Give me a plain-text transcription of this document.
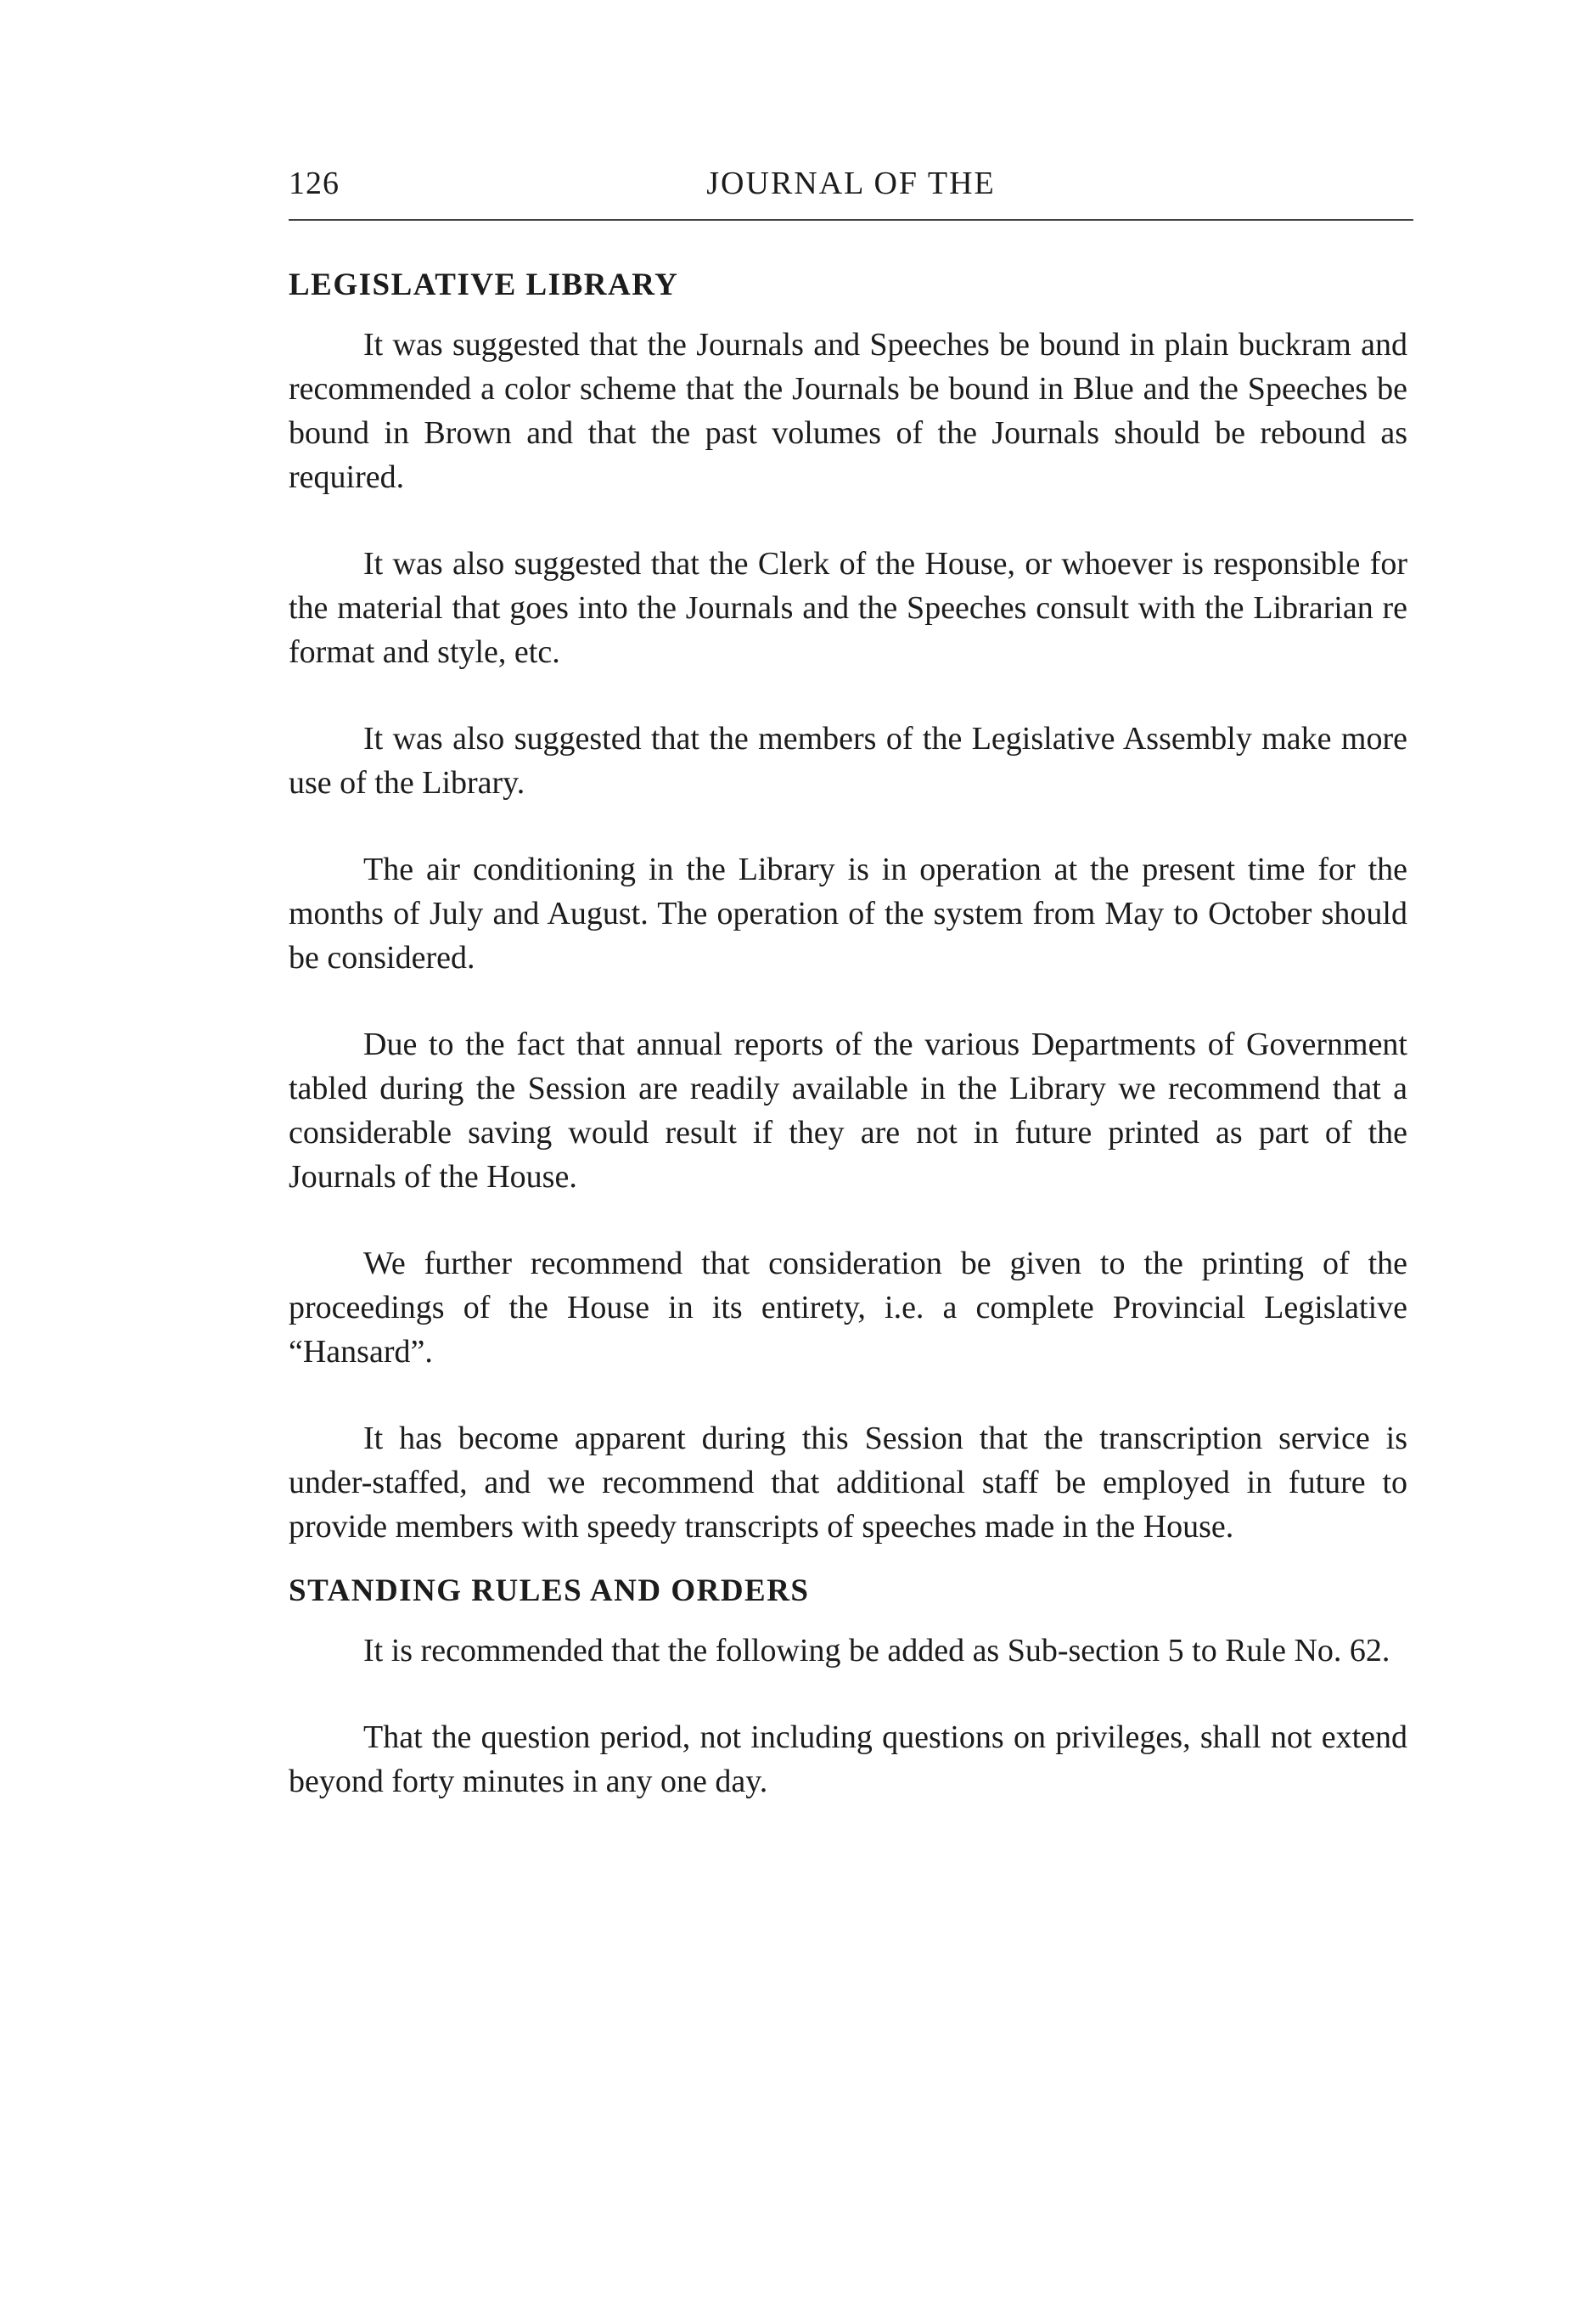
126	JOURNAL OF THE
LEGISLATIVE LIBRARY

It was suggested that the Journals and Speeches be bound in plain buckram and recommended a color scheme that the Journals be bound in Blue and the Speeches be bound in Brown and that the past volumes of the Journals should be rebound as required.

It was also suggested that the Clerk of the House, or whoever is responsible for the material that goes into the Journals and the Speeches consult with the Librarian re format and style, etc.

It was also suggested that the members of the Legislative Assembly make more use of the Library.

The air conditioning in the Library is in operation at the present time for the months of July and August. The operation of the system from May to October should be considered.

Due to the fact that annual reports of the various Departments of Government tabled during the Session are readily available in the Library we recommend that a considerable saving would result if they are not in future printed as part of the Journals of the House.

We further recommend that consideration be given to the printing of the proceedings of the House in its entirety, i.e. a complete Provincial Legislative “Hansard”.

It has become apparent during this Session that the transcription service is under-staffed, and we recommend that additional staff be employed in future to provide members with speedy transcripts of speeches made in the House.

STANDING RULES AND ORDERS

It is recommended that the following be added as Sub-section 5 to Rule No. 62.

That the question period, not including questions on privileges, shall not extend beyond forty minutes in any one day.
